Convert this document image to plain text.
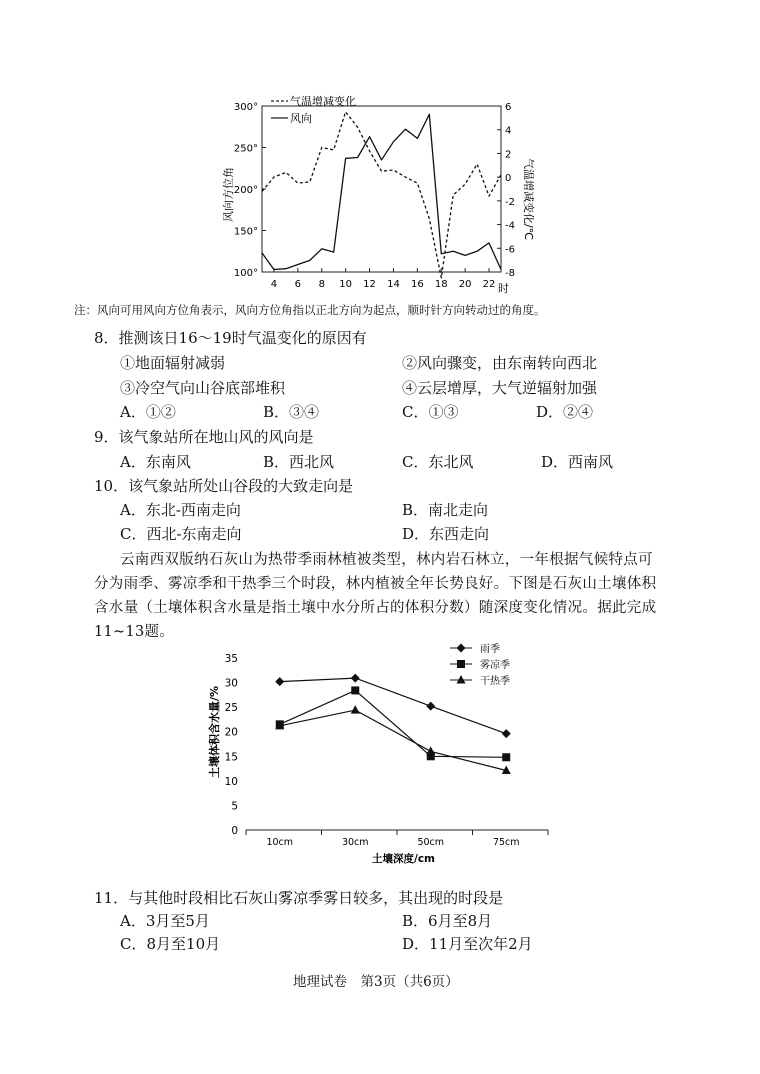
100°
150°
200°
250°
300°
-8
-6
-4
-2
0
2
4
6
4 6 8 10 12 14 16 18 20 22
气温增减变化
风向
风向方位角	气温增减变化/℃
时
注：风向可用风向方位角表示，风向方位角指以正北方向为起点，顺时针方向转动过的角度。
8．推测该日16～19时气温变化的原因有
①地面辐射减弱	②风向骤变，由东南转向西北
③冷空气向山谷底部堆积	④云层增厚，大气逆辐射加强
A．①②	B．③④	C．①③	D．②④
9．该气象站所在地山风的风向是
A．东南风	B．西北风	C．东北风	D．西南风
10．该气象站所处山谷段的大致走向是
A．东北-西南走向	B．南北走向
C．西北-东南走向	D．东西走向
云南西双版纳石灰山为热带季雨林植被类型，林内岩石林立，一年根据气候特点可
分为雨季、雾凉季和干热季三个时段，林内植被全年长势良好。下图是石灰山土壤体积
含水量（土壤体积含水量是指土壤中水分所占的体积分数）随深度变化情况。据此完成
11~13题。
0
5
10
15
20
25
30
35
10cm	30cm	50cm	75cm
雨季
雾凉季
干热季
土壤体积含水量/%
土壤深度/cm
11．与其他时段相比石灰山雾凉季雾日较多，其出现的时段是
A．3月至5月	B．6月至8月
C．8月至10月	D．11月至次年2月
地理试卷　第3页（共6页）
